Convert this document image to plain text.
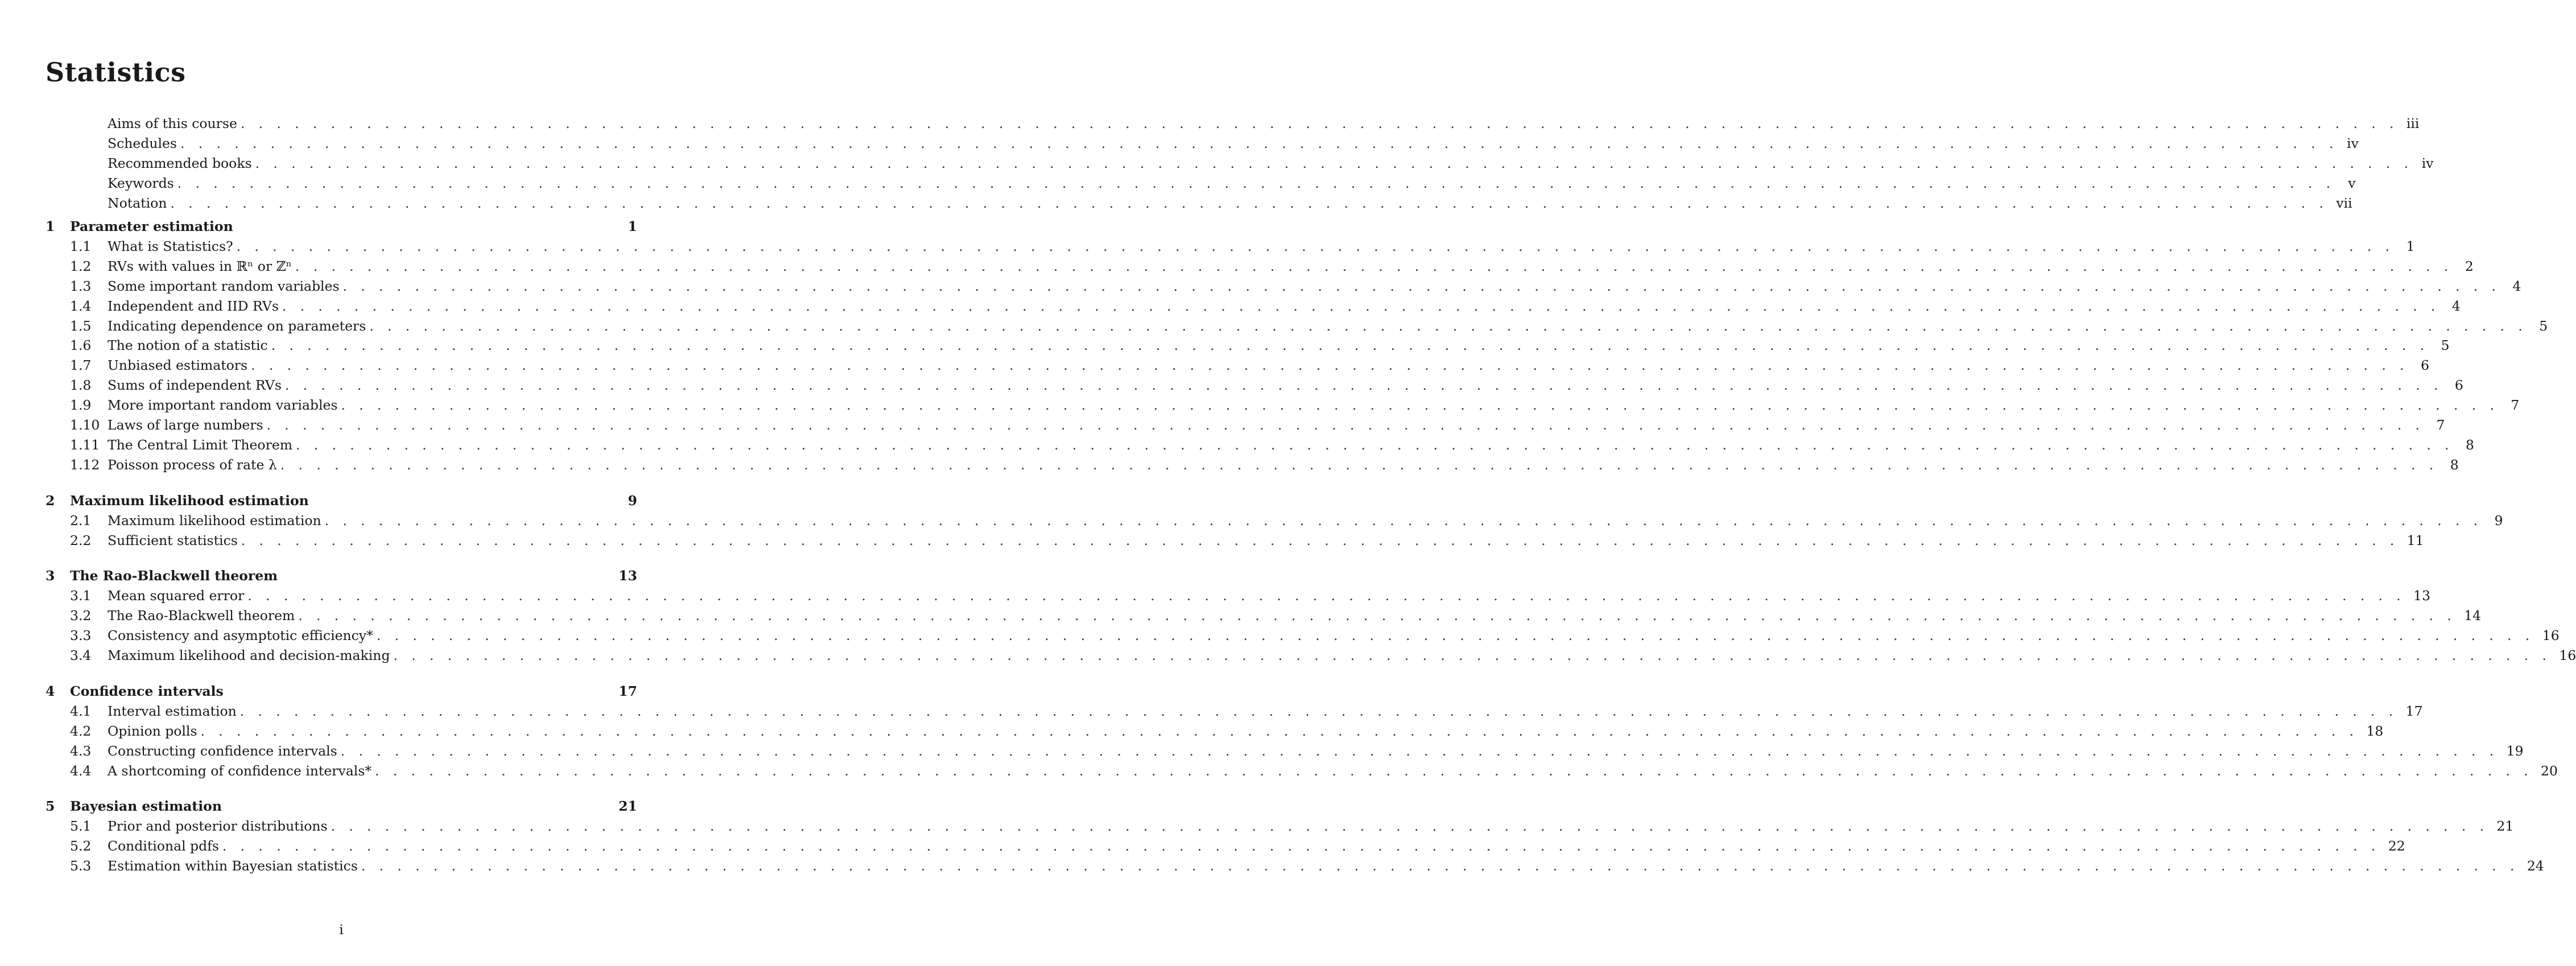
Statistics
Aims of this course . . . . . . . . . . . . . . . . . . . . . . . . . . . . . . . . . . . . . . . . . . . . . . . . . . . . . . . . . . . . . . . . . . . . . . . . . . . . . . . . . . . . . . . . . . . . . . . . . . . . . . . . . . . . . . . . . . . . . . . . iii
Schedules . . . . . . . . . . . . . . . . . . . . . . . . . . . . . . . . . . . . . . . . . . . . . . . . . . . . . . . . . . . . . . . . . . . . . . . . . . . . . . . . . . . . . . . . . . . . . . . . . . . . . . . . . . . . . . . . . . . . . . . . iv
Recommended books . . . . . . . . . . . . . . . . . . . . . . . . . . . . . . . . . . . . . . . . . . . . . . . . . . . . . . . . . . . . . . . . . . . . . . . . . . . . . . . . . . . . . . . . . . . . . . . . . . . . . . . . . . . . . . . . . . . . . . . . iv
Keywords . . . . . . . . . . . . . . . . . . . . . . . . . . . . . . . . . . . . . . . . . . . . . . . . . . . . . . . . . . . . . . . . . . . . . . . . . . . . . . . . . . . . . . . . . . . . . . . . . . . . . . . . . . . . . . . . . . . . . . . . v
Notation . . . . . . . . . . . . . . . . . . . . . . . . . . . . . . . . . . . . . . . . . . . . . . . . . . . . . . . . . . . . . . . . . . . . . . . . . . . . . . . . . . . . . . . . . . . . . . . . . . . . . . . . . . . . . . . . . . . . . . . . vii
1 Parameter estimation	1
1.1 What is Statistics? . . . . . . . . . . . . . . . . . . . . . . . . . . . . . . . . . . . . . . . . . . . . . . . . . . . . . . . . . . . . . . . . . . . . . . . . . . . . . . . . . . . . . . . . . . . . . . . . . . . . . . . . . . . . . . . . . . . . . . . . 1
1.2 RVs with values in ℝⁿ or ℤⁿ . . . . . . . . . . . . . . . . . . . . . . . . . . . . . . . . . . . . . . . . . . . . . . . . . . . . . . . . . . . . . . . . . . . . . . . . . . . . . . . . . . . . . . . . . . . . . . . . . . . . . . . . . . . . . . . . . . . . . . . . 2
1.3 Some important random variables . . . . . . . . . . . . . . . . . . . . . . . . . . . . . . . . . . . . . . . . . . . . . . . . . . . . . . . . . . . . . . . . . . . . . . . . . . . . . . . . . . . . . . . . . . . . . . . . . . . . . . . . . . . . . . . . . . . . . . . . 4
1.4 Independent and IID RVs . . . . . . . . . . . . . . . . . . . . . . . . . . . . . . . . . . . . . . . . . . . . . . . . . . . . . . . . . . . . . . . . . . . . . . . . . . . . . . . . . . . . . . . . . . . . . . . . . . . . . . . . . . . . . . . . . . . . . . . . 4
1.5 Indicating dependence on parameters . . . . . . . . . . . . . . . . . . . . . . . . . . . . . . . . . . . . . . . . . . . . . . . . . . . . . . . . . . . . . . . . . . . . . . . . . . . . . . . . . . . . . . . . . . . . . . . . . . . . . . . . . . . . . . . . . . . . . . . . 5
1.6 The notion of a statistic . . . . . . . . . . . . . . . . . . . . . . . . . . . . . . . . . . . . . . . . . . . . . . . . . . . . . . . . . . . . . . . . . . . . . . . . . . . . . . . . . . . . . . . . . . . . . . . . . . . . . . . . . . . . . . . . . . . . . . . . 5
1.7 Unbiased estimators . . . . . . . . . . . . . . . . . . . . . . . . . . . . . . . . . . . . . . . . . . . . . . . . . . . . . . . . . . . . . . . . . . . . . . . . . . . . . . . . . . . . . . . . . . . . . . . . . . . . . . . . . . . . . . . . . . . . . . . . 6
1.8 Sums of independent RVs . . . . . . . . . . . . . . . . . . . . . . . . . . . . . . . . . . . . . . . . . . . . . . . . . . . . . . . . . . . . . . . . . . . . . . . . . . . . . . . . . . . . . . . . . . . . . . . . . . . . . . . . . . . . . . . . . . . . . . . . 6
1.9 More important random variables . . . . . . . . . . . . . . . . . . . . . . . . . . . . . . . . . . . . . . . . . . . . . . . . . . . . . . . . . . . . . . . . . . . . . . . . . . . . . . . . . . . . . . . . . . . . . . . . . . . . . . . . . . . . . . . . . . . . . . . . 7
1.10 Laws of large numbers . . . . . . . . . . . . . . . . . . . . . . . . . . . . . . . . . . . . . . . . . . . . . . . . . . . . . . . . . . . . . . . . . . . . . . . . . . . . . . . . . . . . . . . . . . . . . . . . . . . . . . . . . . . . . . . . . . . . . . . . 7
1.11 The Central Limit Theorem . . . . . . . . . . . . . . . . . . . . . . . . . . . . . . . . . . . . . . . . . . . . . . . . . . . . . . . . . . . . . . . . . . . . . . . . . . . . . . . . . . . . . . . . . . . . . . . . . . . . . . . . . . . . . . . . . . . . . . . . 8
1.12 Poisson process of rate λ . . . . . . . . . . . . . . . . . . . . . . . . . . . . . . . . . . . . . . . . . . . . . . . . . . . . . . . . . . . . . . . . . . . . . . . . . . . . . . . . . . . . . . . . . . . . . . . . . . . . . . . . . . . . . . . . . . . . . . . . 8
2 Maximum likelihood estimation	9
2.1 Maximum likelihood estimation . . . . . . . . . . . . . . . . . . . . . . . . . . . . . . . . . . . . . . . . . . . . . . . . . . . . . . . . . . . . . . . . . . . . . . . . . . . . . . . . . . . . . . . . . . . . . . . . . . . . . . . . . . . . . . . . . . . . . . . . 9
2.2 Sufficient statistics . . . . . . . . . . . . . . . . . . . . . . . . . . . . . . . . . . . . . . . . . . . . . . . . . . . . . . . . . . . . . . . . . . . . . . . . . . . . . . . . . . . . . . . . . . . . . . . . . . . . . . . . . . . . . . . . . . . . . . . . 11
3 The Rao-Blackwell theorem	13
3.1 Mean squared error . . . . . . . . . . . . . . . . . . . . . . . . . . . . . . . . . . . . . . . . . . . . . . . . . . . . . . . . . . . . . . . . . . . . . . . . . . . . . . . . . . . . . . . . . . . . . . . . . . . . . . . . . . . . . . . . . . . . . . . . 13
3.2 The Rao-Blackwell theorem . . . . . . . . . . . . . . . . . . . . . . . . . . . . . . . . . . . . . . . . . . . . . . . . . . . . . . . . . . . . . . . . . . . . . . . . . . . . . . . . . . . . . . . . . . . . . . . . . . . . . . . . . . . . . . . . . . . . . . . . 14
3.3 Consistency and asymptotic efficiency* . . . . . . . . . . . . . . . . . . . . . . . . . . . . . . . . . . . . . . . . . . . . . . . . . . . . . . . . . . . . . . . . . . . . . . . . . . . . . . . . . . . . . . . . . . . . . . . . . . . . . . . . . . . . . . . . . . . . . . . . 16
3.4 Maximum likelihood and decision-making . . . . . . . . . . . . . . . . . . . . . . . . . . . . . . . . . . . . . . . . . . . . . . . . . . . . . . . . . . . . . . . . . . . . . . . . . . . . . . . . . . . . . . . . . . . . . . . . . . . . . . . . . . . . . . . . . . . . . . . . 16
4 Confidence intervals	17
4.1 Interval estimation . . . . . . . . . . . . . . . . . . . . . . . . . . . . . . . . . . . . . . . . . . . . . . . . . . . . . . . . . . . . . . . . . . . . . . . . . . . . . . . . . . . . . . . . . . . . . . . . . . . . . . . . . . . . . . . . . . . . . . . . 17
4.2 Opinion polls . . . . . . . . . . . . . . . . . . . . . . . . . . . . . . . . . . . . . . . . . . . . . . . . . . . . . . . . . . . . . . . . . . . . . . . . . . . . . . . . . . . . . . . . . . . . . . . . . . . . . . . . . . . . . . . . . . . . . . . . 18
4.3 Constructing confidence intervals . . . . . . . . . . . . . . . . . . . . . . . . . . . . . . . . . . . . . . . . . . . . . . . . . . . . . . . . . . . . . . . . . . . . . . . . . . . . . . . . . . . . . . . . . . . . . . . . . . . . . . . . . . . . . . . . . . . . . . . . 19
4.4 A shortcoming of confidence intervals* . . . . . . . . . . . . . . . . . . . . . . . . . . . . . . . . . . . . . . . . . . . . . . . . . . . . . . . . . . . . . . . . . . . . . . . . . . . . . . . . . . . . . . . . . . . . . . . . . . . . . . . . . . . . . . . . . . . . . . . . 20
5 Bayesian estimation	21
5.1 Prior and posterior distributions . . . . . . . . . . . . . . . . . . . . . . . . . . . . . . . . . . . . . . . . . . . . . . . . . . . . . . . . . . . . . . . . . . . . . . . . . . . . . . . . . . . . . . . . . . . . . . . . . . . . . . . . . . . . . . . . . . . . . . . . 21
5.2 Conditional pdfs . . . . . . . . . . . . . . . . . . . . . . . . . . . . . . . . . . . . . . . . . . . . . . . . . . . . . . . . . . . . . . . . . . . . . . . . . . . . . . . . . . . . . . . . . . . . . . . . . . . . . . . . . . . . . . . . . . . . . . . . 22
5.3 Estimation within Bayesian statistics . . . . . . . . . . . . . . . . . . . . . . . . . . . . . . . . . . . . . . . . . . . . . . . . . . . . . . . . . . . . . . . . . . . . . . . . . . . . . . . . . . . . . . . . . . . . . . . . . . . . . . . . . . . . . . . . . . . . . . . . 24
i
